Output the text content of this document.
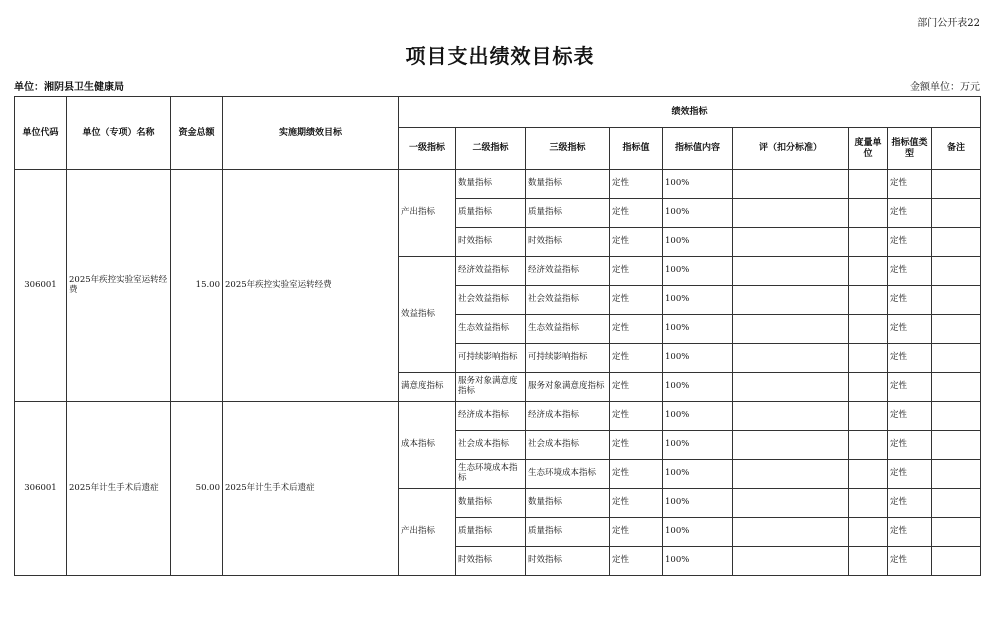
部门公开表22
项目支出绩效目标表
单位：湘阴县卫生健康局	金额单位：万元
单位代码	单位（专项）名称	资金总额	实施期绩效目标	绩效指标								
				一级指标	二级指标	三级指标	指标值	指标值内容	评（扣分标准）	度量单位	指标值类型	备注
306001	2025年疾控实验室运转经费	15.00	2025年疾控实验室运转经费	产出指标	数量指标	数量指标	定性	100%			定性	
					质量指标	质量指标	定性	100%			定性	
					时效指标	时效指标	定性	100%			定性	
				效益指标	经济效益指标	经济效益指标	定性	100%			定性	
					社会效益指标	社会效益指标	定性	100%			定性	
					生态效益指标	生态效益指标	定性	100%			定性	
					可持续影响指标	可持续影响指标	定性	100%			定性	
				满意度指标	服务对象满意度指标	服务对象满意度指标	定性	100%			定性	
306001	2025年计生手术后遗症	50.00	2025年计生手术后遗症	成本指标	经济成本指标	经济成本指标	定性	100%			定性	
					社会成本指标	社会成本指标	定性	100%			定性	
					生态环境成本指标	生态环境成本指标	定性	100%			定性	
				产出指标	数量指标	数量指标	定性	100%			定性	
					质量指标	质量指标	定性	100%			定性	
					时效指标	时效指标	定性	100%			定性	
